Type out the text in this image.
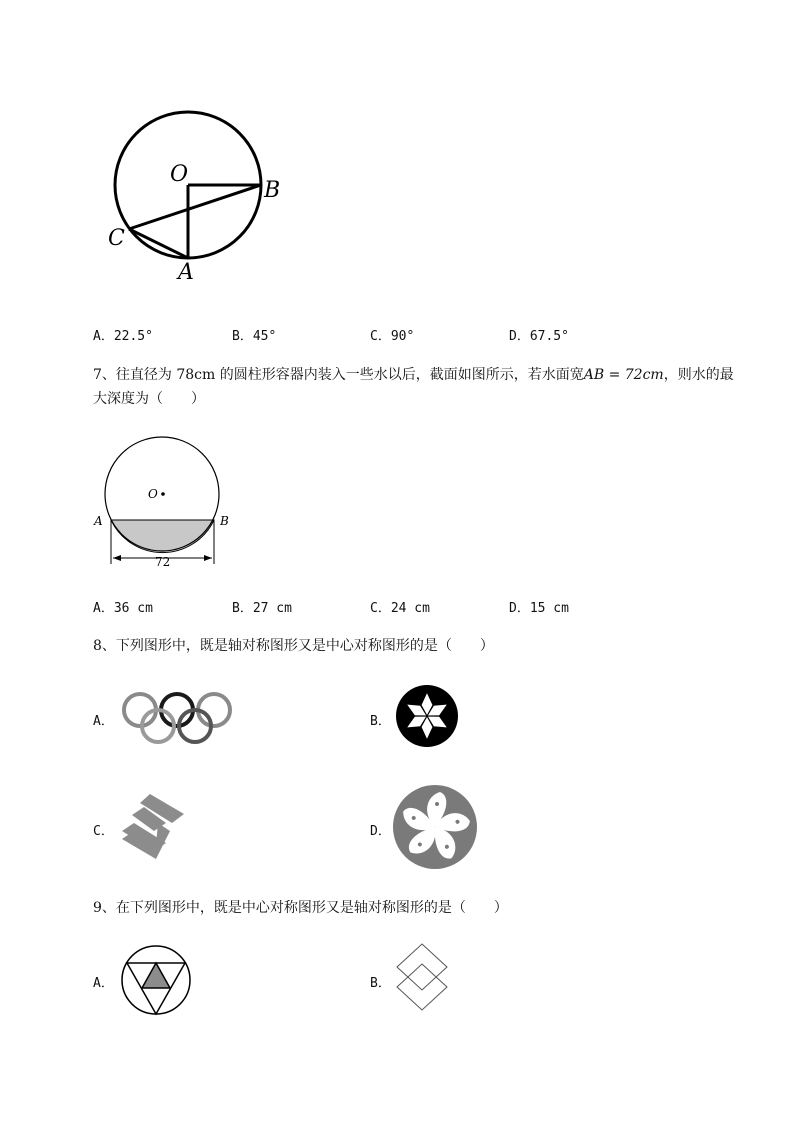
O
B
C
A
A．22.5°	B．45°	C．90°	D．67.5°
7、往直径为 78cm 的圆柱形容器内装入一些水以后，截面如图所示，若水面宽AB = 72cm，则水的最
大深度为（　　）
O
A	B
72
A．36 cm	B．27 cm	C．24 cm	D．15 cm
8、下列图形中，既是轴对称图形又是中心对称图形的是（　　）
A．	B．
C．	D．
9、在下列图形中，既是中心对称图形又是轴对称图形的是（　　）
A．	B．
